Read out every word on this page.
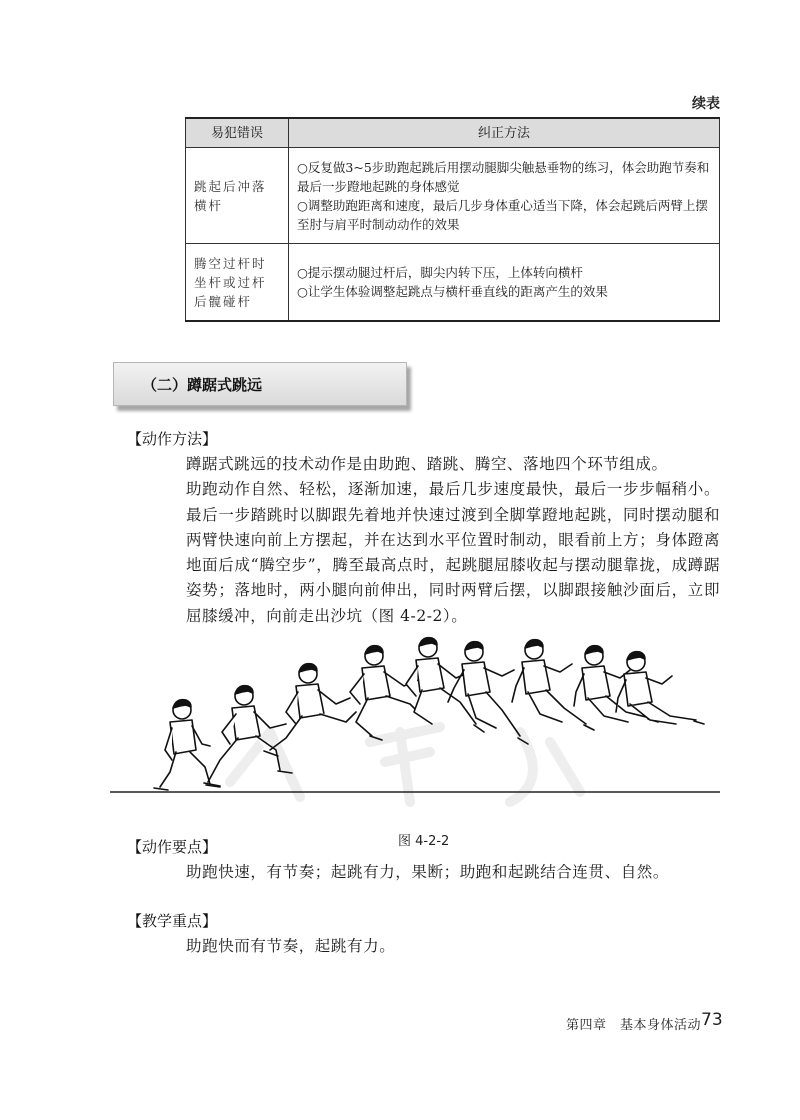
续表
易犯错误	纠正方法
跳起后冲落横杆	○反复做3~5步助跑起跳后用摆动腿脚尖触悬垂物的练习，体会助跑节奏和最后一步蹬地起跳的身体感觉
○调整助跑距离和速度，最后几步身体重心适当下降，体会起跳后两臂上摆至肘与肩平时制动动作的效果

腾空过杆时坐杆或过杆后髋碰杆	○提示摆动腿过杆后，脚尖内转下压，上体转向横杆
○让学生体验调整起跳点与横杆垂直线的距离产生的效果
（二）蹲踞式跳远
【动作方法】

蹲踞式跳远的技术动作是由助跑、踏跳、腾空、落地四个环节组成。

助跑动作自然、轻松，逐渐加速，最后几步速度最快，最后一步步幅稍小。最后一步踏跳时以脚跟先着地并快速过渡到全脚掌蹬地起跳，同时摆动腿和两臂快速向前上方摆起，并在达到水平位置时制动，眼看前上方；身体蹬离地面后成“腾空步”，腾至最高点时，起跳腿屈膝收起与摆动腿靠拢，成蹲踞姿势；落地时，两小腿向前伸出，同时两臂后摆，以脚跟接触沙面后，立即屈膝缓冲，向前走出沙坑（图 4-2-2）。

图 4-2-2
【动作要点】
助跑快速，有节奏；起跳有力，果断；助跑和起跳结合连贯、自然。
【教学重点】
助跑快而有节奏，起跳有力。
第四章　基本身体活动 73
